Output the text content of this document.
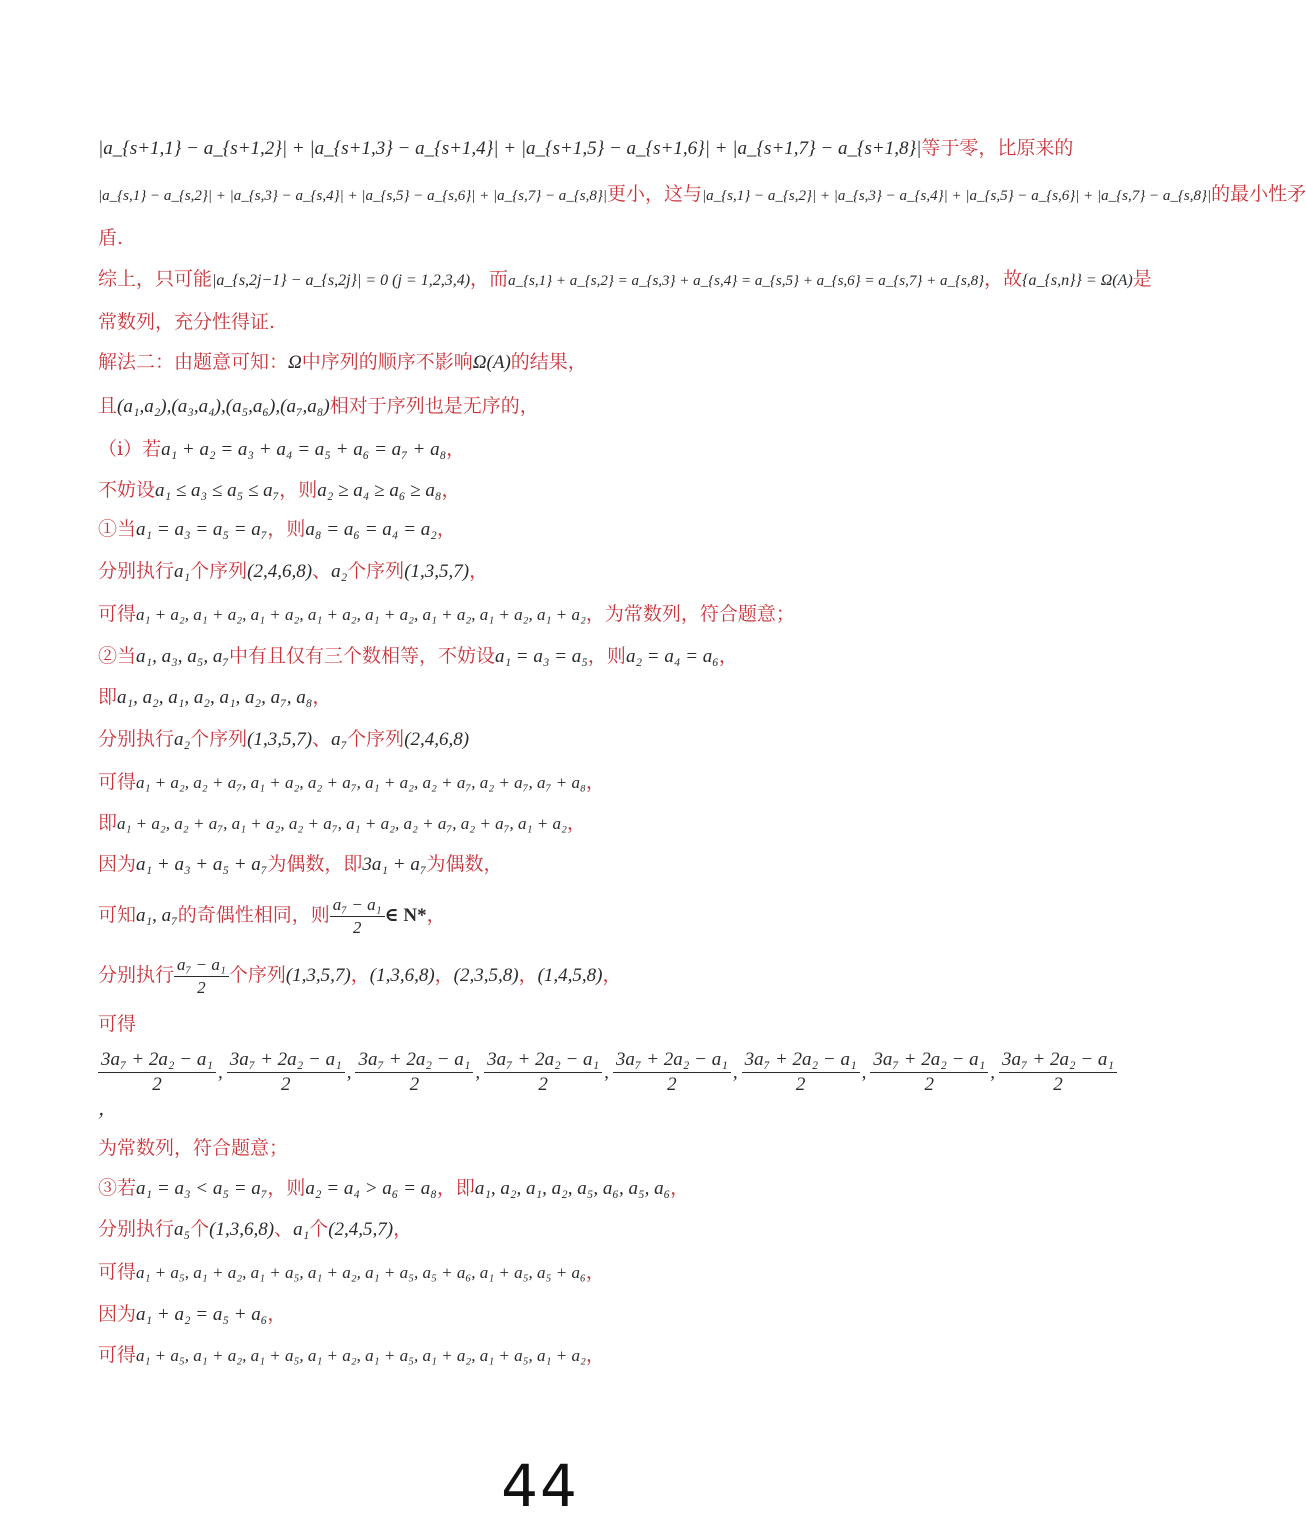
|a_{s+1,1} − a_{s+1,2}| + |a_{s+1,3} − a_{s+1,4}| + |a_{s+1,5} − a_{s+1,6}| + |a_{s+1,7} − a_{s+1,8}|等于零，比原来的
|a_{s,1} − a_{s,2}| + |a_{s,3} − a_{s,4}| + |a_{s,5} − a_{s,6}| + |a_{s,7} − a_{s,8}|更小，这与|a_{s,1} − a_{s,2}| + |a_{s,3} − a_{s,4}| + |a_{s,5} − a_{s,6}| + |a_{s,7} − a_{s,8}|的最小性矛
盾.
综上，只可能|a_{s,2j−1} − a_{s,2j}| = 0 (j = 1,2,3,4)，而a_{s,1} + a_{s,2} = a_{s,3} + a_{s,4} = a_{s,5} + a_{s,6} = a_{s,7} + a_{s,8}，故{a_{s,n}} = Ω(A)是
常数列，充分性得证.
解法二：由题意可知：Ω中序列的顺序不影响Ω(A)的结果，
且(a₁,a₂),(a₃,a₄),(a₅,a₆),(a₇,a₈)相对于序列也是无序的，
（ⅰ）若a₁ + a₂ = a₃ + a₄ = a₅ + a₆ = a₇ + a₈，
不妨设a₁ ≤ a₃ ≤ a₅ ≤ a₇，则a₂ ≥ a₄ ≥ a₆ ≥ a₈，
①当a₁ = a₃ = a₅ = a₇，则a₈ = a₆ = a₄ = a₂，
分别执行a₁个序列(2,4,6,8)、a₂个序列(1,3,5,7)，
可得a₁ + a₂, a₁ + a₂, a₁ + a₂, a₁ + a₂, a₁ + a₂, a₁ + a₂, a₁ + a₂, a₁ + a₂，为常数列，符合题意；
②当a₁, a₃, a₅, a₇中有且仅有三个数相等，不妨设a₁ = a₃ = a₅，则a₂ = a₄ = a₆，
即a₁, a₂, a₁, a₂, a₁, a₂, a₇, a₈，
分别执行a₂个序列(1,3,5,7)、a₇个序列(2,4,6,8)
可得a₁ + a₂, a₂ + a₇, a₁ + a₂, a₂ + a₇, a₁ + a₂, a₂ + a₇, a₂ + a₇, a₇ + a₈，
即a₁ + a₂, a₂ + a₇, a₁ + a₂, a₂ + a₇, a₁ + a₂, a₂ + a₇, a₂ + a₇, a₁ + a₂，
因为a₁ + a₃ + a₅ + a₇为偶数，即3a₁ + a₇为偶数，
可知a₁, a₇的奇偶性相同，则 $\frac{\text{a₇ − a₁}}{2}$ ∈ N*，
分别执行 $\frac{\text{a₇ − a₁}}{2}$ 个序列(1,3,5,7)，(1,3,6,8)，(2,3,5,8)，(1,4,5,8)，
可得
$\frac{\text{3a₇ + 2a₂ − a₁}}{2}$ , $\frac{\text{3a₇ + 2a₂ − a₁}}{2}$ , $\frac{\text{3a₇ + 2a₂ − a₁}}{2}$ , $\frac{\text{3a₇ + 2a₂ − a₁}}{2}$ , $\frac{\text{3a₇ + 2a₂ − a₁}}{2}$ , $\frac{\text{3a₇ + 2a₂ − a₁}}{2}$ , $\frac{\text{3a₇ + 2a₂ − a₁}}{2}$ , $\frac{\text{3a₇ + 2a₂ − a₁}}{2}$
，
为常数列，符合题意；
③若a₁ = a₃ < a₅ = a₇，则a₂ = a₄ > a₆ = a₈，即a₁, a₂, a₁, a₂, a₅, a₆, a₅, a₆，
分别执行a₅个(1,3,6,8)、a₁个(2,4,5,7)，
可得a₁ + a₅, a₁ + a₂, a₁ + a₅, a₁ + a₂, a₁ + a₅, a₅ + a₆, a₁ + a₅, a₅ + a₆，
因为a₁ + a₂ = a₅ + a₆，
可得a₁ + a₅, a₁ + a₂, a₁ + a₅, a₁ + a₂, a₁ + a₅, a₁ + a₂, a₁ + a₅, a₁ + a₂，
44
